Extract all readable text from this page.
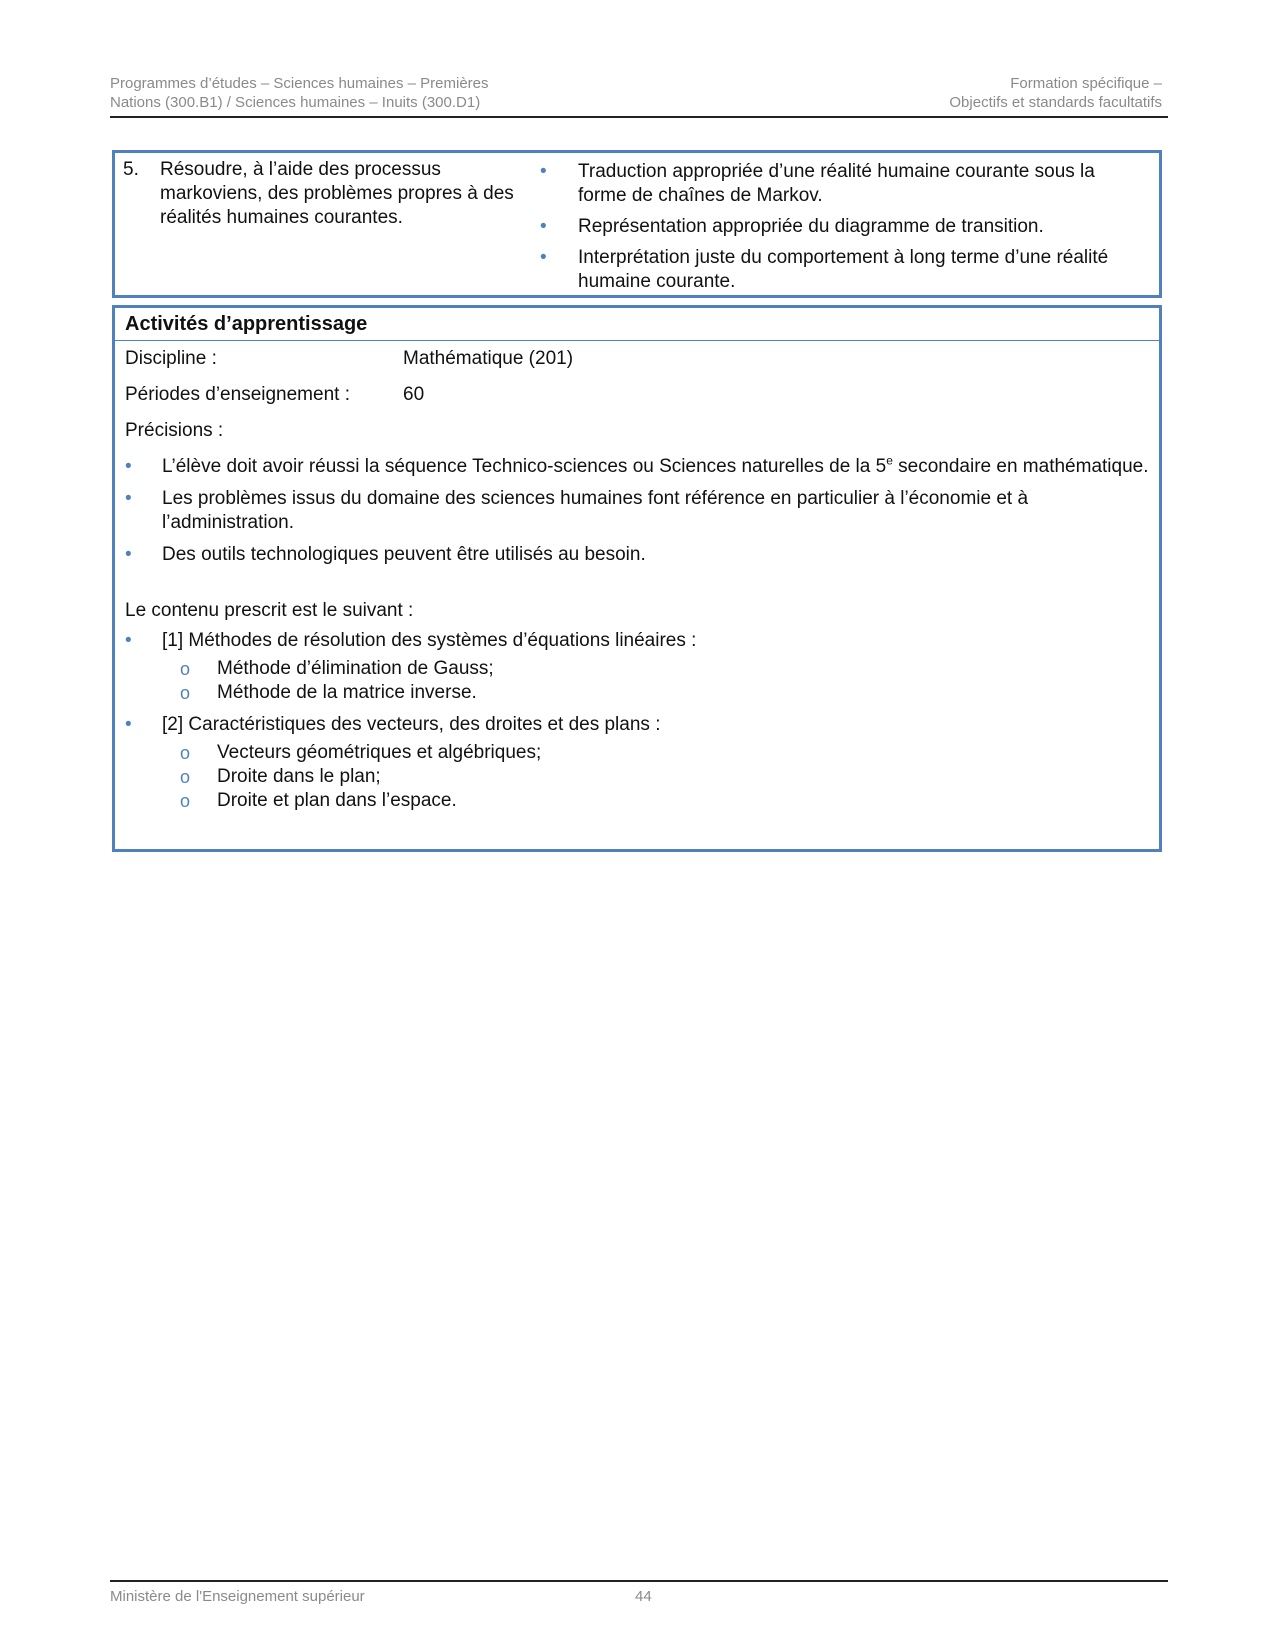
Programmes d’études – Sciences humaines – Premières
Nations (300.B1) / Sciences humaines – Inuits (300.D1)
Formation spécifique –
Objectifs et standards facultatifs
5. Résoudre, à l’aide des processus markoviens, des problèmes propres à des réalités humaines courantes.
• Traduction appropriée d’une réalité humaine courante sous la forme de chaînes de Markov.
• Représentation appropriée du diagramme de transition.
• Interprétation juste du comportement à long terme d’une réalité humaine courante.
Activités d’apprentissage
Discipline :	Mathématique (201)
Périodes d’enseignement :	60
Précisions :
• L’élève doit avoir réussi la séquence Technico-sciences ou Sciences naturelles de la 5e secondaire en mathématique.
• Les problèmes issus du domaine des sciences humaines font référence en particulier à l’économie et à l’administration.
• Des outils technologiques peuvent être utilisés au besoin.

Le contenu prescrit est le suivant :

• [1] Méthodes de résolution des systèmes d’équations linéaires :
o Méthode d’élimination de Gauss;
o Méthode de la matrice inverse.
• [2] Caractéristiques des vecteurs, des droites et des plans :
o Vecteurs géométriques et algébriques;
o Droite dans le plan;
o Droite et plan dans l’espace.
Ministère de l'Enseignement supérieur	44
